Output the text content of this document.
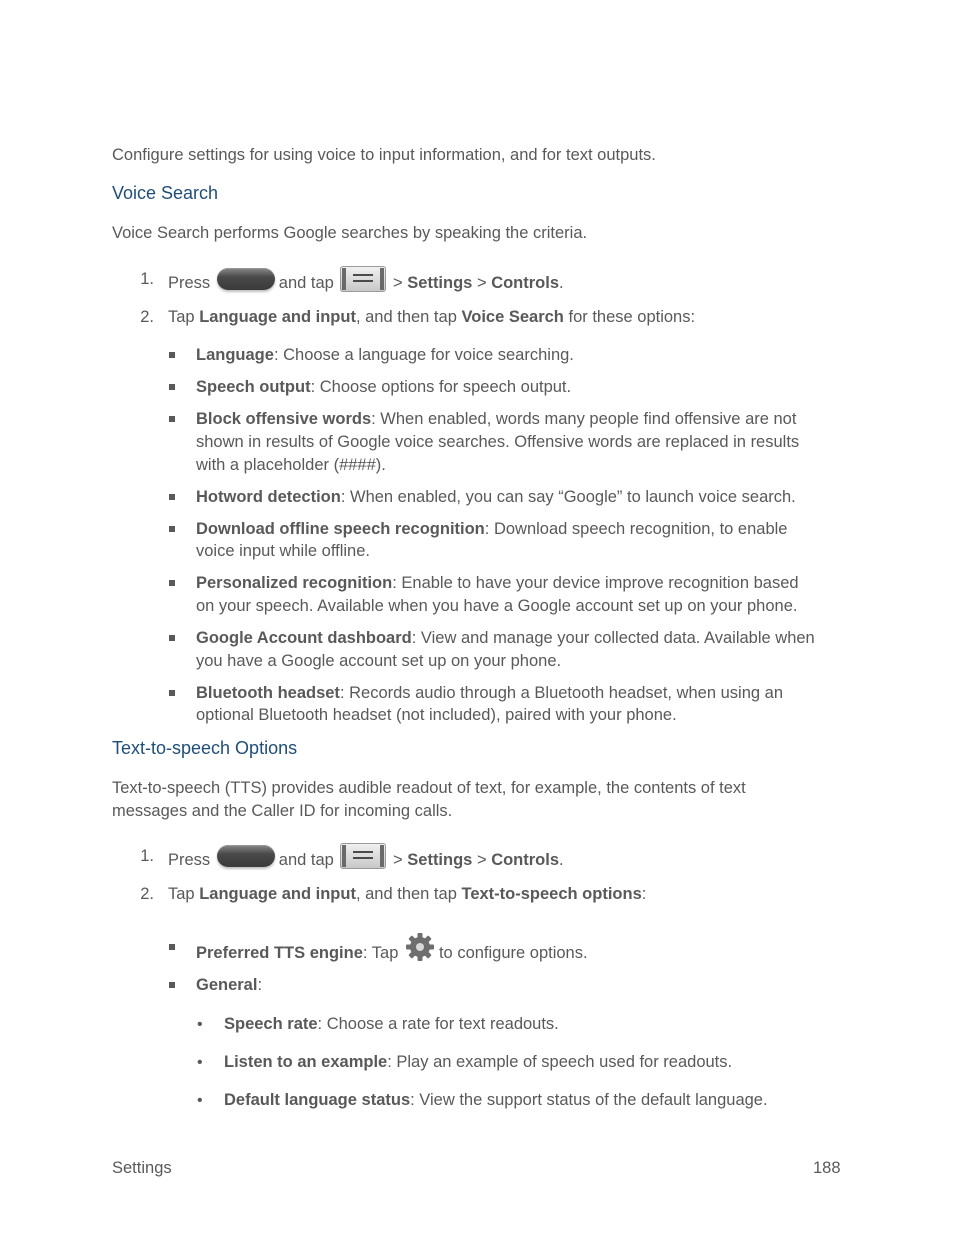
Configure settings for using voice to input information, and for text outputs.
Voice Search
Voice Search performs Google searches by speaking the criteria.
1. Press	and tap	> Settings > Controls.
2. Tap Language and input, and then tap Voice Search for these options:
Language: Choose a language for voice searching.
Speech output: Choose options for speech output.
Block offensive words: When enabled, words many people find offensive are not
shown in results of Google voice searches. Offensive words are replaced in results
with a placeholder (####).
Hotword detection: When enabled, you can say “Google” to launch voice search.
Download offline speech recognition: Download speech recognition, to enable
voice input while offline.
Personalized recognition: Enable to have your device improve recognition based
on your speech. Available when you have a Google account set up on your phone.
Google Account dashboard: View and manage your collected data. Available when
you have a Google account set up on your phone.
Bluetooth headset: Records audio through a Bluetooth headset, when using an
optional Bluetooth headset (not included), paired with your phone.
Text-to-speech Options
Text-to-speech (TTS) provides audible readout of text, for example, the contents of text
messages and the Caller ID for incoming calls.
1. Press	and tap	> Settings > Controls.
2. Tap Language and input, and then tap Text-to-speech options:
Preferred TTS engine: Tap to configure options.
General:
• Speech rate: Choose a rate for text readouts.
• Listen to an example: Play an example of speech used for readouts.
• Default language status: View the support status of the default language.
Settings	188
